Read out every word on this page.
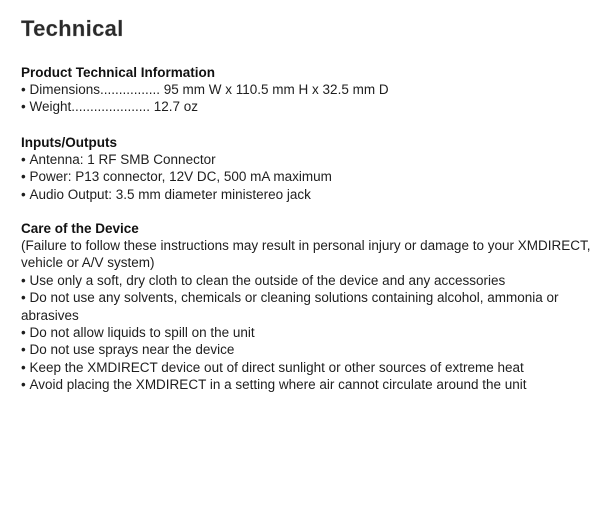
Technical
Product Technical Information
• Dimensions................ 95 mm W x 110.5 mm H x 32.5 mm D
• Weight..................... 12.7 oz
Inputs/Outputs
• Antenna: 1 RF SMB Connector
• Power: P13 connector, 12V DC, 500 mA maximum
• Audio Output: 3.5 mm diameter ministereo jack
Care of the Device
(Failure to follow these instructions may result in personal injury or damage to your XMDIRECT, vehicle or A/V system)
• Use only a soft, dry cloth to clean the outside of the device and any accessories
• Do not use any solvents, chemicals or cleaning solutions containing alcohol, ammonia or abrasives
• Do not allow liquids to spill on the unit
• Do not use sprays near the device
• Keep the XMDIRECT device out of direct sunlight or other sources of extreme heat
• Avoid placing the XMDIRECT in a setting where air cannot circulate around the unit
